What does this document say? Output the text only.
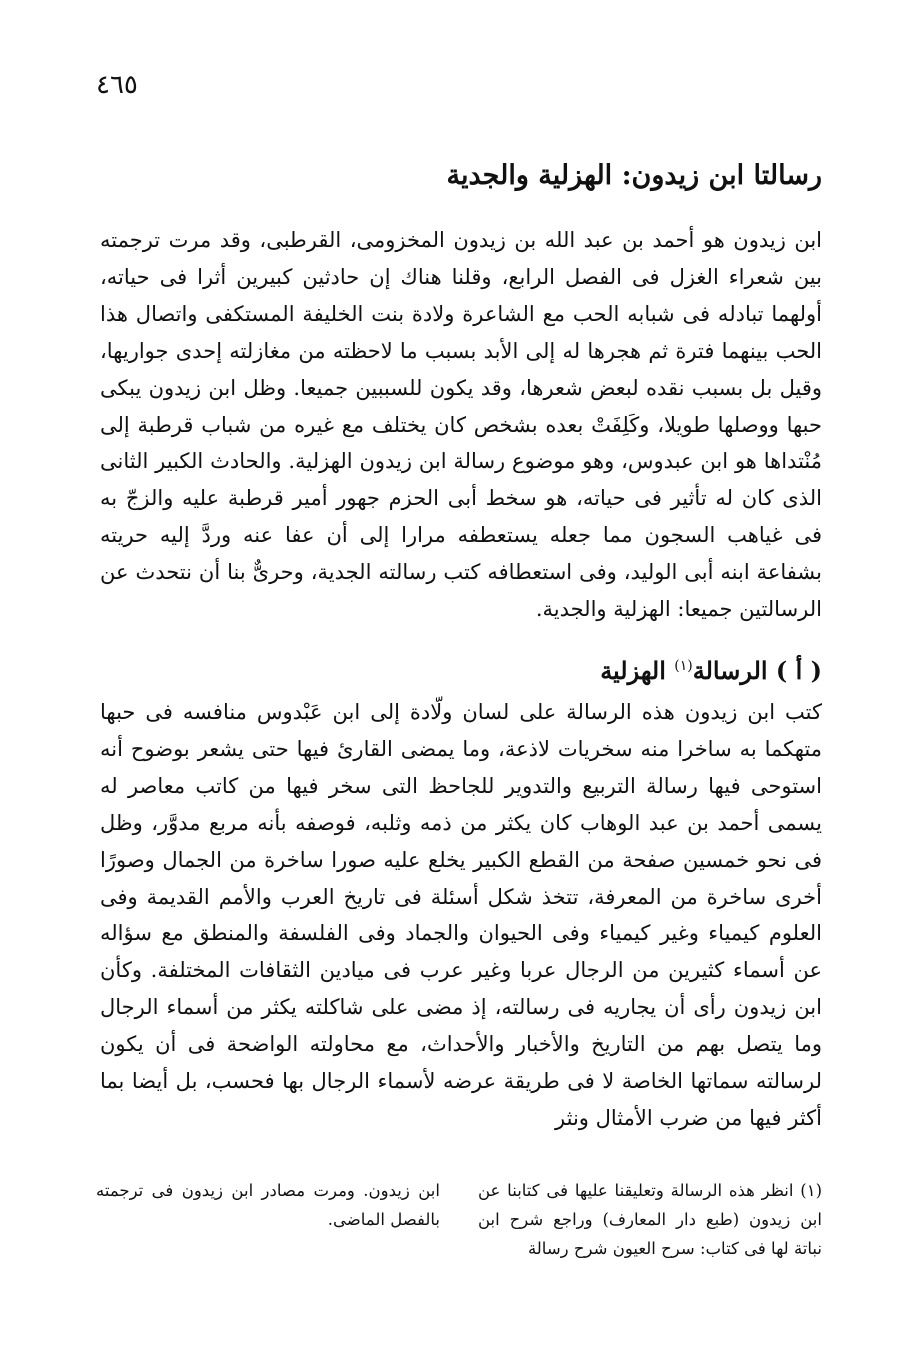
٤٦٥
رسالتا ابن زيدون: الهزلية والجدية

ابن زيدون هو أحمد بن عبد الله بن زيدون المخزومى، القرطبى، وقد مرت ترجمته بين شعراء الغزل فى الفصل الرابع، وقلنا هناك إن حادثين كبيرين أثرا فى حياته، أولهما تبادله فى شبابه الحب مع الشاعرة ولادة بنت الخليفة المستكفى واتصال هذا الحب بينهما فترة ثم هجرها له إلى الأبد بسبب ما لاحظته من مغازلته إحدى جواريها، وقيل بل بسبب نقده لبعض شعرها، وقد يكون للسببين جميعا. وظل ابن زيدون يبكى حبها ووصلها طويلا، وكَلِفَتْ بعده بشخص كان يختلف مع غيره من شباب قرطبة إلى مُنْتداها هو ابن عبدوس، وهو موضوع رسالة ابن زيدون الهزلية. والحادث الكبير الثانى الذى كان له تأثير فى حياته، هو سخط أبى الحزم جهور أمير قرطبة عليه والزجّ به فى غياهب السجون مما جعله يستعطفه مرارا إلى أن عفا عنه وردَّ إليه حريته بشفاعة ابنه أبى الوليد، وفى استعطافه كتب رسالته الجدية، وحرىٌّ بنا أن نتحدث عن الرسالتين جميعا: الهزلية والجدية.

( أ ) الرسالة$^{(١)}$ الهزلية

كتب ابن زيدون هذه الرسالة على لسان ولّادة إلى ابن عَبْدوس منافسه فى حبها متهكما به ساخرا منه سخريات لاذعة، وما يمضى القارئ فيها حتى يشعر بوضوح أنه استوحى فيها رسالة التربيع والتدوير للجاحظ التى سخر فيها من كاتب معاصر له يسمى أحمد بن عبد الوهاب كان يكثر من ذمه وثلبه، فوصفه بأنه مربع مدوَّر، وظل فى نحو خمسين صفحة من القطع الكبير يخلع عليه صورا ساخرة من الجمال وصورًا أخرى ساخرة من المعرفة، تتخذ شكل أسئلة فى تاريخ العرب والأمم القديمة وفى العلوم كيمياء وغير كيمياء وفى الحيوان والجماد وفى الفلسفة والمنطق مع سؤاله عن أسماء كثيرين من الرجال عربا وغير عرب فى ميادين الثقافات المختلفة. وكأن ابن زيدون رأى أن يجاريه فى رسالته، إذ مضى على شاكلته يكثر من أسماء الرجال وما يتصل بهم من التاريخ والأخبار والأحداث، مع محاولته الواضحة فى أن يكون لرسالته سماتها الخاصة لا فى طريقة عرضه لأسماء الرجال بها فحسب، بل أيضا بما أكثر فيها من ضرب الأمثال ونثر

(١) انظر هذه الرسالة وتعليقنا عليها فى كتابنا عن ابن زيدون (طبع دار المعارف) وراجع شرح ابن نباتة لها فى كتاب: سرح العيون شرح رسالة
ابن زيدون. ومرت مصادر ابن زيدون فى ترجمته بالفصل الماضى.
